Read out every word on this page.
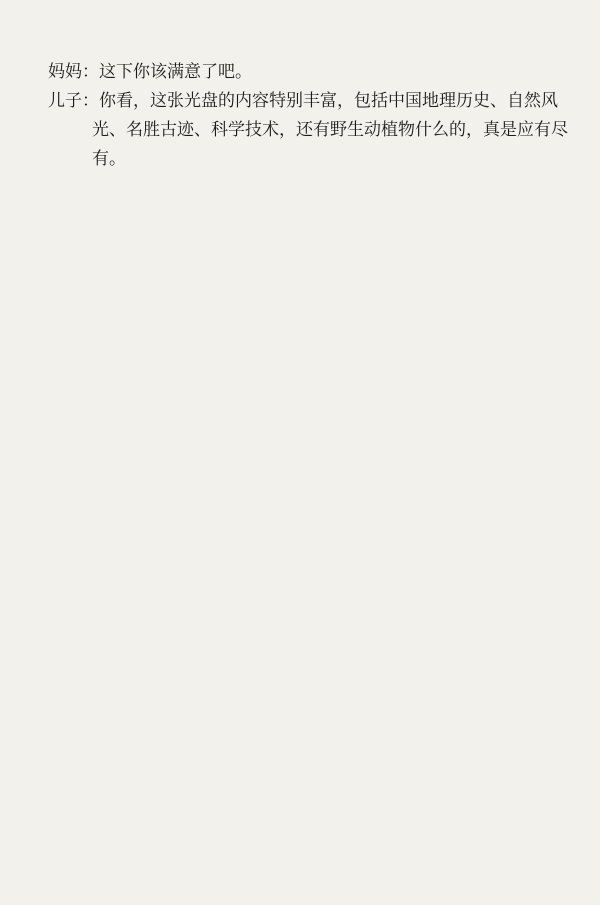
妈妈：这下你该满意了吧。
儿子：你看，这张光盘的内容特别丰富，包括中国地理历史、自然风
光、名胜古迹、科学技术，还有野生动植物什么的，真是应有尽
有。
